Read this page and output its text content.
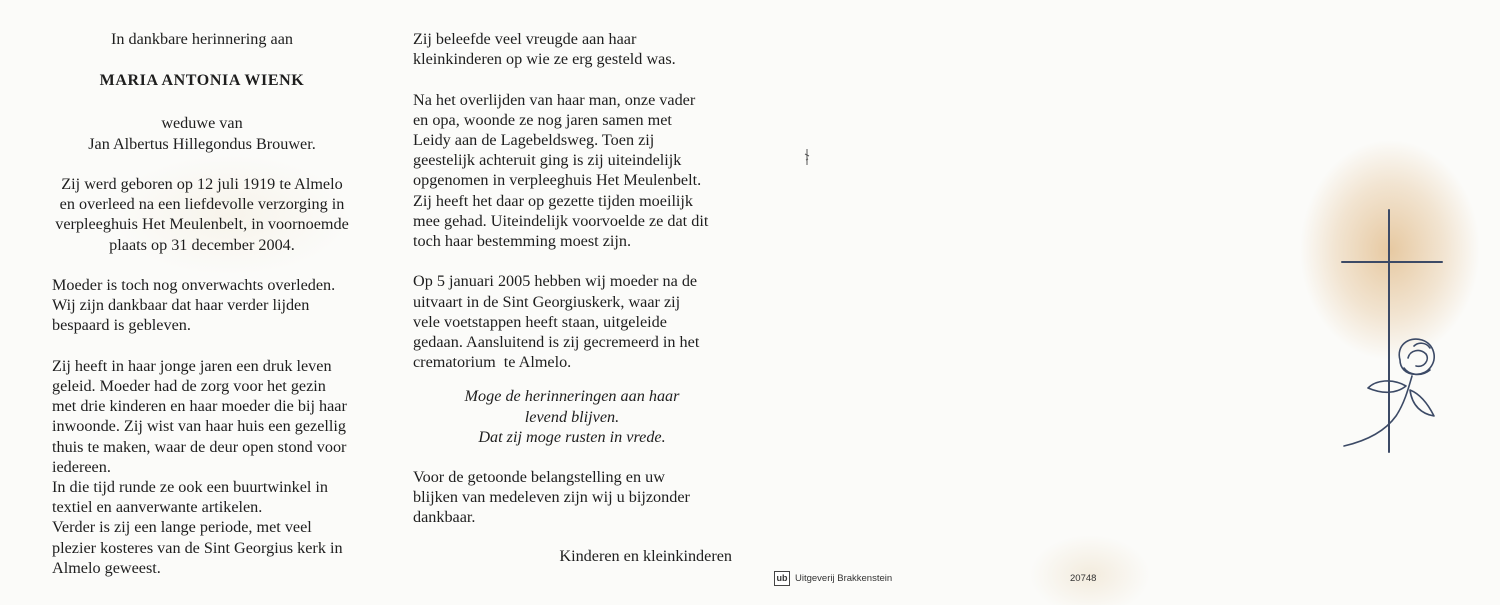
In dankbare herinnering aan
MARIA ANTONIA WIENK
weduwe van
Jan Albertus Hillegondus Brouwer.
Zij werd geboren op 12 juli 1919 te Almelo
en overleed na een liefdevolle verzorging in
verpleeghuis Het Meulenbelt, in voornoemde
plaats op 31 december 2004.
Moeder is toch nog onverwachts overleden.
Wij zijn dankbaar dat haar verder lijden
bespaard is gebleven.
Zij heeft in haar jonge jaren een druk leven
geleid. Moeder had de zorg voor het gezin
met drie kinderen en haar moeder die bij haar
inwoonde. Zij wist van haar huis een gezellig
thuis te maken, waar de deur open stond voor
iedereen.
In die tijd runde ze ook een buurtwinkel in
textiel en aanverwante artikelen.
Verder is zij een lange periode, met veel
plezier kosteres van de Sint Georgius kerk in
Almelo geweest.
Zij beleefde veel vreugde aan haar
kleinkinderen op wie ze erg gesteld was.
Na het overlijden van haar man, onze vader
en opa, woonde ze nog jaren samen met
Leidy aan de Lagebeldsweg. Toen zij
geestelijk achteruit ging is zij uiteindelijk
opgenomen in verpleeghuis Het Meulenbelt.
Zij heeft het daar op gezette tijden moeilijk
mee gehad. Uiteindelijk voorvoelde ze dat dit
toch haar bestemming moest zijn.
Op 5 januari 2005 hebben wij moeder na de
uitvaart in de Sint Georgiuskerk, waar zij
vele voetstappen heeft staan, uitgeleide
gedaan. Aansluitend is zij gecremeerd in het
crematorium  te Almelo.
Moge de herinneringen aan haar
levend blijven.
Dat zij moge rusten in vrede.
Voor de getoonde belangstelling en uw
blijken van medeleven zijn wij u bijzonder
dankbaar.
Kinderen en kleinkinderen
ub Uitgeverij Brakkenstein	20748
